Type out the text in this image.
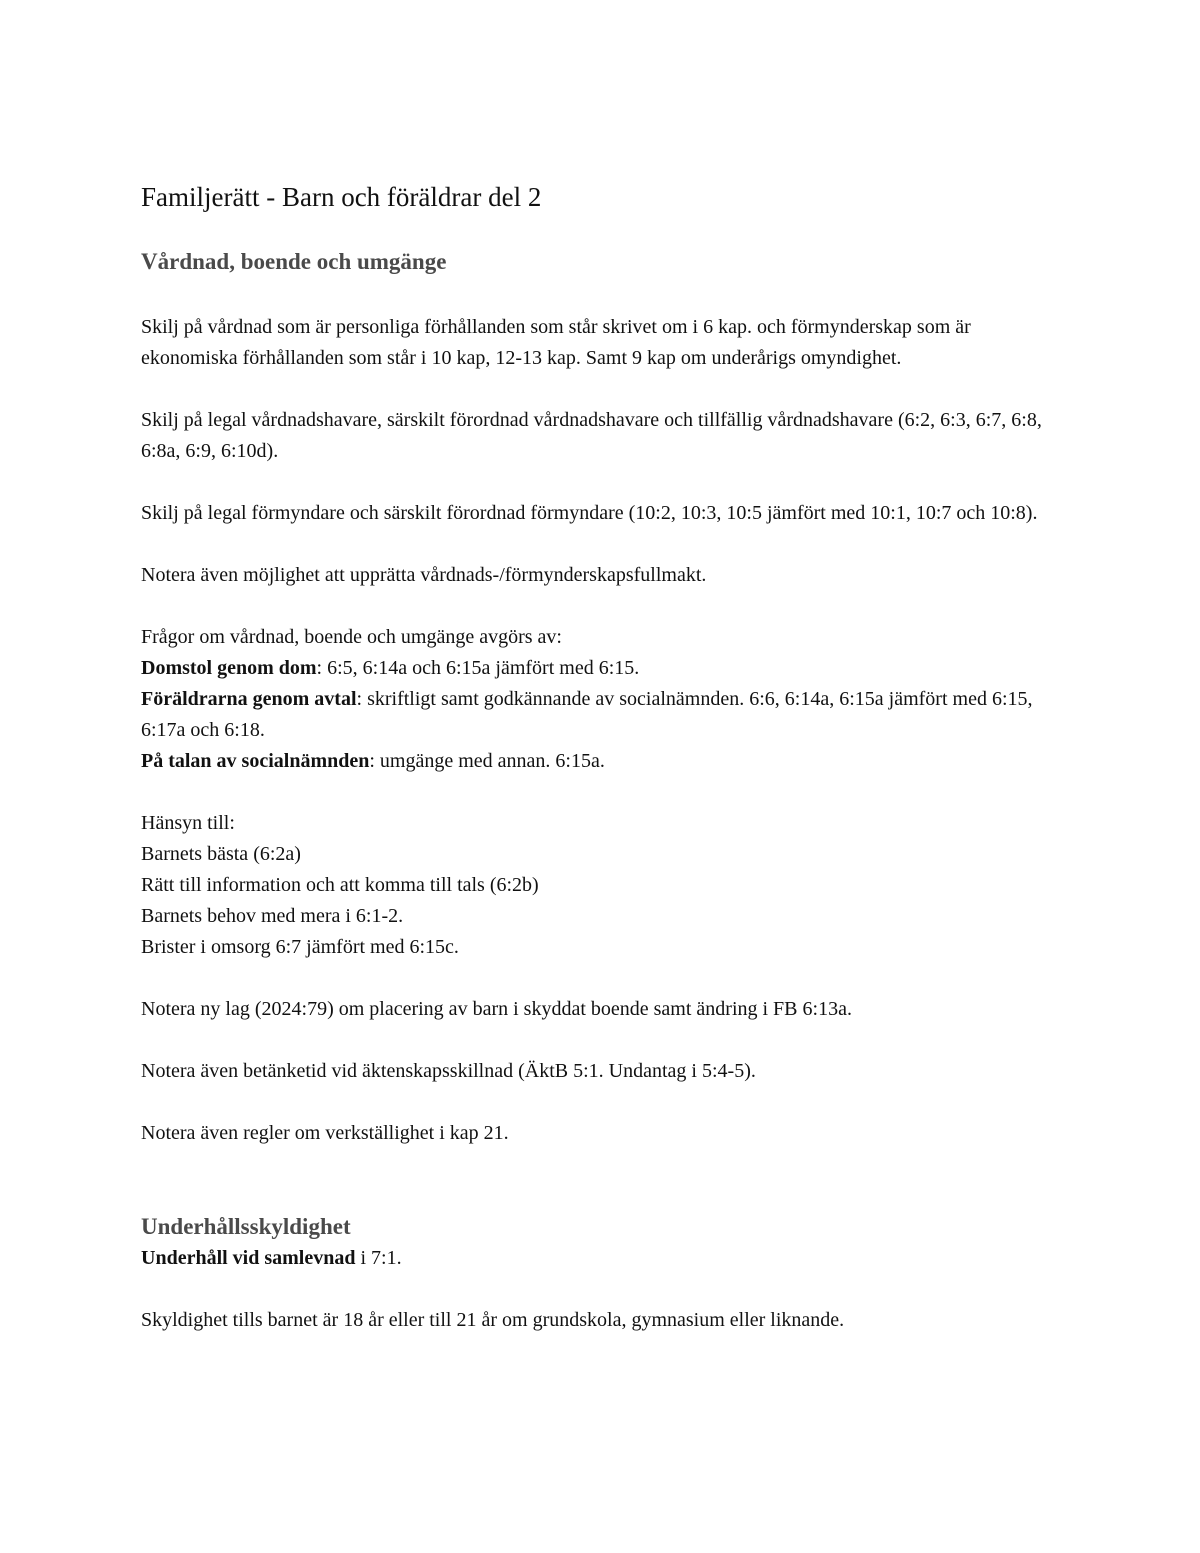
Familjerätt - Barn och föräldrar del 2
Vårdnad, boende och umgänge

Skilj på vårdnad som är personliga förhållanden som står skrivet om i 6 kap. och förmynderskap som är ekonomiska förhållanden som står i 10 kap, 12-13 kap. Samt 9 kap om underårigs omyndighet.

Skilj på legal vårdnadshavare, särskilt förordnad vårdnadshavare och tillfällig vårdnadshavare (6:2, 6:3, 6:7, 6:8, 6:8a, 6:9, 6:10d).

Skilj på legal förmyndare och särskilt förordnad förmyndare (10:2, 10:3, 10:5 jämfört med 10:1, 10:7 och 10:8).

Notera även möjlighet att upprätta vårdnads-/förmynderskapsfullmakt.

Frågor om vårdnad, boende och umgänge avgörs av:

Domstol genom dom: 6:5, 6:14a och 6:15a jämfört med 6:15.

Föräldrarna genom avtal: skriftligt samt godkännande av socialnämnden. 6:6, 6:14a, 6:15a jämfört med 6:15, 6:17a och 6:18.

På talan av socialnämnden: umgänge med annan. 6:15a.

Hänsyn till:

Barnets bästa (6:2a)

Rätt till information och att komma till tals (6:2b)

Barnets behov med mera i 6:1-2.

Brister i omsorg 6:7 jämfört med 6:15c.

Notera ny lag (2024:79) om placering av barn i skyddat boende samt ändring i FB 6:13a.

Notera även betänketid vid äktenskapsskillnad (ÄktB 5:1. Undantag i 5:4-5).

Notera även regler om verkställighet i kap 21.

Underhållsskyldighet

Underhåll vid samlevnad i 7:1.

Skyldighet tills barnet är 18 år eller till 21 år om grundskola, gymnasium eller liknande.
